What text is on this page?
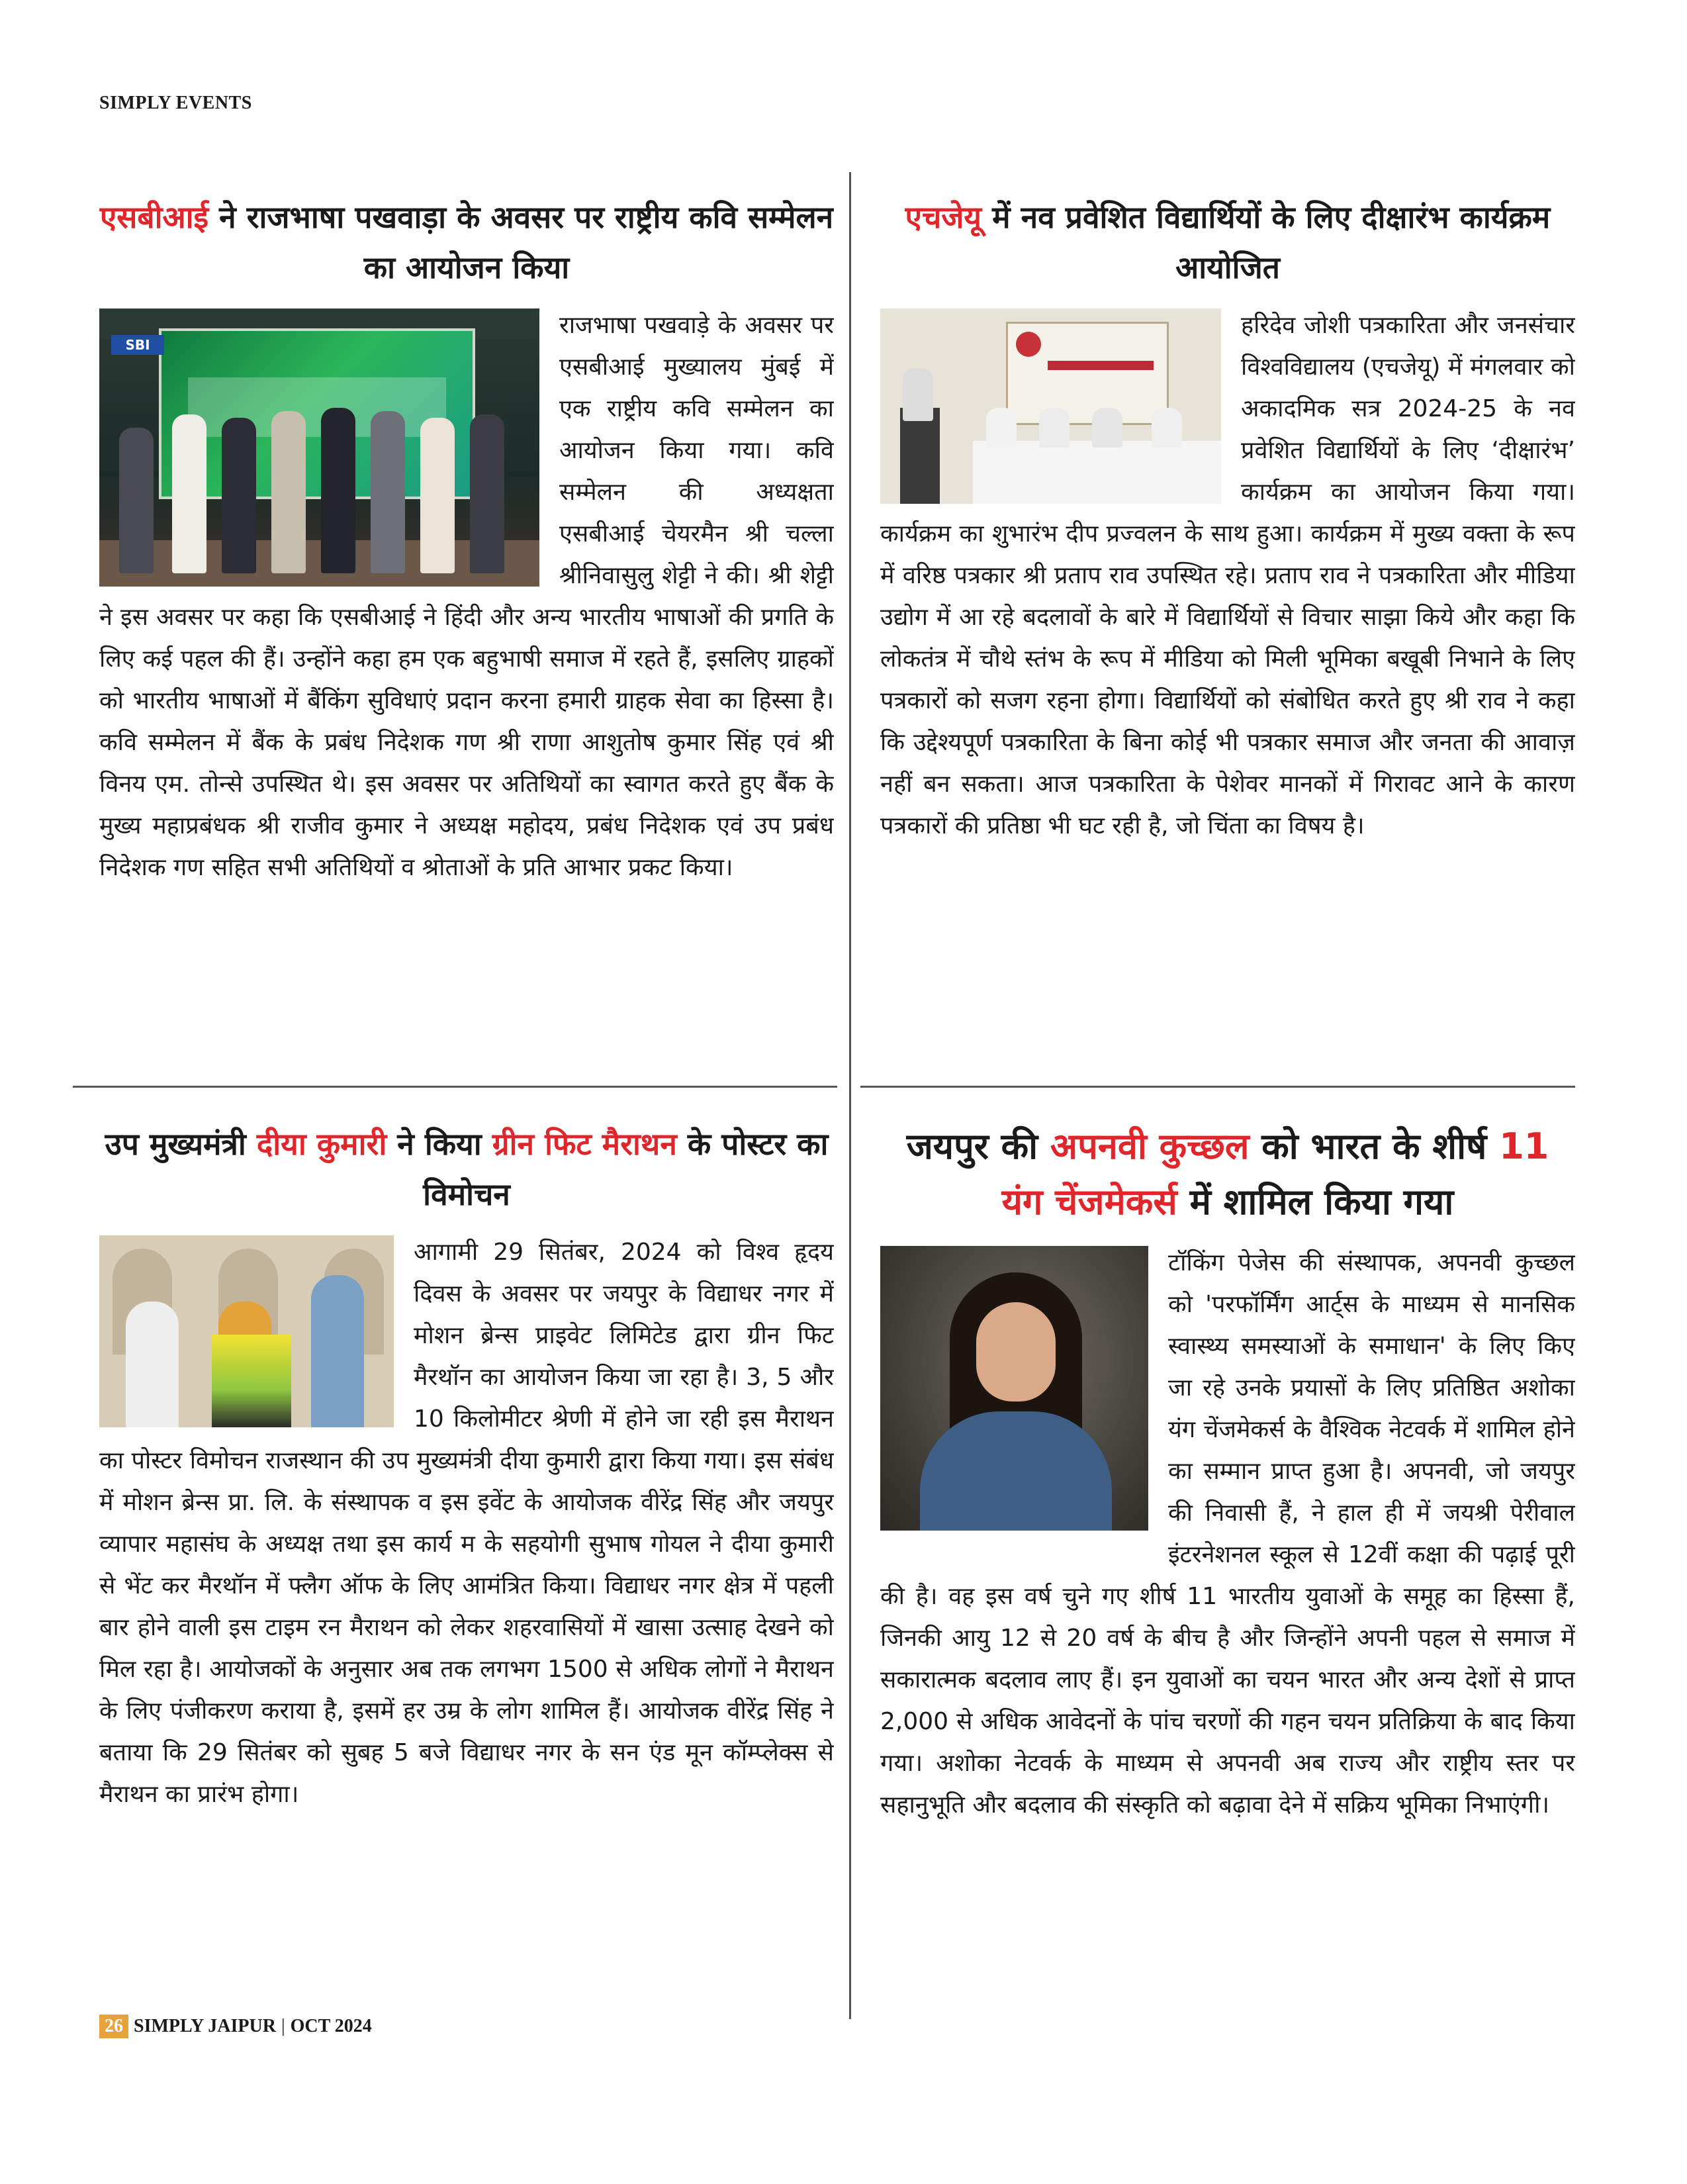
SIMPLY EVENTS
एसबीआई ने राजभाषा पखवाड़ा के अवसर पर राष्ट्रीय कवि सम्मेलन का आयोजन किया
SBI

राजभाषा पखवाड़े के अवसर पर एसबीआई मुख्यालय मुंबई में एक राष्ट्रीय कवि सम्मेलन का आयोजन किया गया। कवि सम्मेलन की अध्यक्षता एसबीआई चेयरमैन श्री चल्ला श्रीनिवासुलु शेट्टी ने की। श्री शेट्टी ने इस अवसर पर कहा कि एसबीआई ने हिंदी और अन्य भारतीय भाषाओं की प्रगति के लिए कई पहल की हैं। उन्होंने कहा हम एक बहुभाषी समाज में रहते हैं, इसलिए ग्राहकों को भारतीय भाषाओं में बैंकिंग सुविधाएं प्रदान करना हमारी ग्राहक सेवा का हिस्सा है। कवि सम्मेलन में बैंक के प्रबंध निदेशक गण श्री राणा आशुतोष कुमार सिंह एवं श्री विनय एम. तोन्से उपस्थित थे। इस अवसर पर अतिथियों का स्वागत करते हुए बैंक के मुख्य महाप्रबंधक श्री राजीव कुमार ने अध्यक्ष महोदय, प्रबंध निदेशक एवं उप प्रबंध निदेशक गण सहित सभी अतिथियों व श्रोताओं के प्रति आभार प्रकट किया।

एचजेयू में नव प्रवेशित विद्यार्थियों के लिए दीक्षारंभ कार्यक्रम आयोजित

हरिदेव जोशी पत्रकारिता और जनसंचार विश्वविद्यालय (एचजेयू) में मंगलवार को अकादमिक सत्र 2024-25 के नव प्रवेशित विद्यार्थियों के लिए ‘दीक्षारंभ’ कार्यक्रम का आयोजन किया गया। कार्यक्रम का शुभारंभ दीप प्रज्वलन के साथ हुआ। कार्यक्रम में मुख्य वक्ता के रूप में वरिष्ठ पत्रकार श्री प्रताप राव उपस्थित रहे। प्रताप राव ने पत्रकारिता और मीडिया उद्योग में आ रहे बदलावों के बारे में विद्यार्थियों से विचार साझा किये और कहा कि लोकतंत्र में चौथे स्तंभ के रूप में मीडिया को मिली भूमिका बखूबी निभाने के लिए पत्रकारों को सजग रहना होगा। विद्यार्थियों को संबोधित करते हुए श्री राव ने कहा कि उद्देश्यपूर्ण पत्रकारिता के बिना कोई भी पत्रकार समाज और जनता की आवाज़ नहीं बन सकता। आज पत्रकारिता के पेशेवर मानकों में गिरावट आने के कारण पत्रकारों की प्रतिष्ठा भी घट रही है, जो चिंता का विषय है।

उप मुख्यमंत्री दीया कुमारी ने किया ग्रीन फिट मैराथन के पोस्टर का विमोचन

आगामी 29 सितंबर, 2024 को विश्व हृदय दिवस के अवसर पर जयपुर के विद्याधर नगर में मोशन ब्रेन्स प्राइवेट लिमिटेड द्वारा ग्रीन फिट मैरथॉन का आयोजन किया जा रहा है। 3, 5 और 10 किलोमीटर श्रेणी में होने जा रही इस मैराथन का पोस्टर विमोचन राजस्थान की उप मुख्यमंत्री दीया कुमारी द्वारा किया गया। इस संबंध में मोशन ब्रेन्स प्रा. लि. के संस्थापक व इस इवेंट के आयोजक वीरेंद्र सिंह और जयपुर व्यापार महासंघ के अध्यक्ष तथा इस कार्य म के सहयोगी सुभाष गोयल ने दीया कुमारी से भेंट कर मैरथॉन में फ्लैग ऑफ के लिए आमंत्रित किया। विद्याधर नगर क्षेत्र में पहली बार होने वाली इस टाइम रन मैराथन को लेकर शहरवासियों में खासा उत्साह देखने को मिल रहा है। आयोजकों के अनुसार अब तक लगभग 1500 से अधिक लोगों ने मैराथन के लिए पंजीकरण कराया है, इसमें हर उम्र के लोग शामिल हैं। आयोजक वीरेंद्र सिंह ने बताया कि 29 सितंबर को सुबह 5 बजे विद्याधर नगर के सन एंड मून कॉम्प्लेक्स से मैराथन का प्रारंभ होगा।

जयपुर की अपनवी कुच्छल को भारत के शीर्ष 11
यंग चेंजमेकर्स में शामिल किया गया

टॉकिंग पेजेस की संस्थापक, अपनवी कुच्छल को 'परफॉर्मिंग आर्ट्स के माध्यम से मानसिक स्वास्थ्य समस्याओं के समाधान' के लिए किए जा रहे उनके प्रयासों के लिए प्रतिष्ठित अशोका यंग चेंजमेकर्स के वैश्विक नेटवर्क में शामिल होने का सम्मान प्राप्त हुआ है। अपनवी, जो जयपुर की निवासी हैं, ने हाल ही में जयश्री पेरीवाल इंटरनेशनल स्कूल से 12वीं कक्षा की पढ़ाई पूरी की है। वह इस वर्ष चुने गए शीर्ष 11 भारतीय युवाओं के समूह का हिस्सा हैं, जिनकी आयु 12 से 20 वर्ष के बीच है और जिन्होंने अपनी पहल से समाज में सकारात्मक बदलाव लाए हैं। इन युवाओं का चयन भारत और अन्य देशों से प्राप्त 2,000 से अधिक आवेदनों के पांच चरणों की गहन चयन प्रतिक्रिया के बाद किया गया। अशोका नेटवर्क के माध्यम से अपनवी अब राज्य और राष्ट्रीय स्तर पर सहानुभूति और बदलाव की संस्कृति को बढ़ावा देने में सक्रिय भूमिका निभाएंगी।

26 SIMPLY JAIPUR | OCT 2024
